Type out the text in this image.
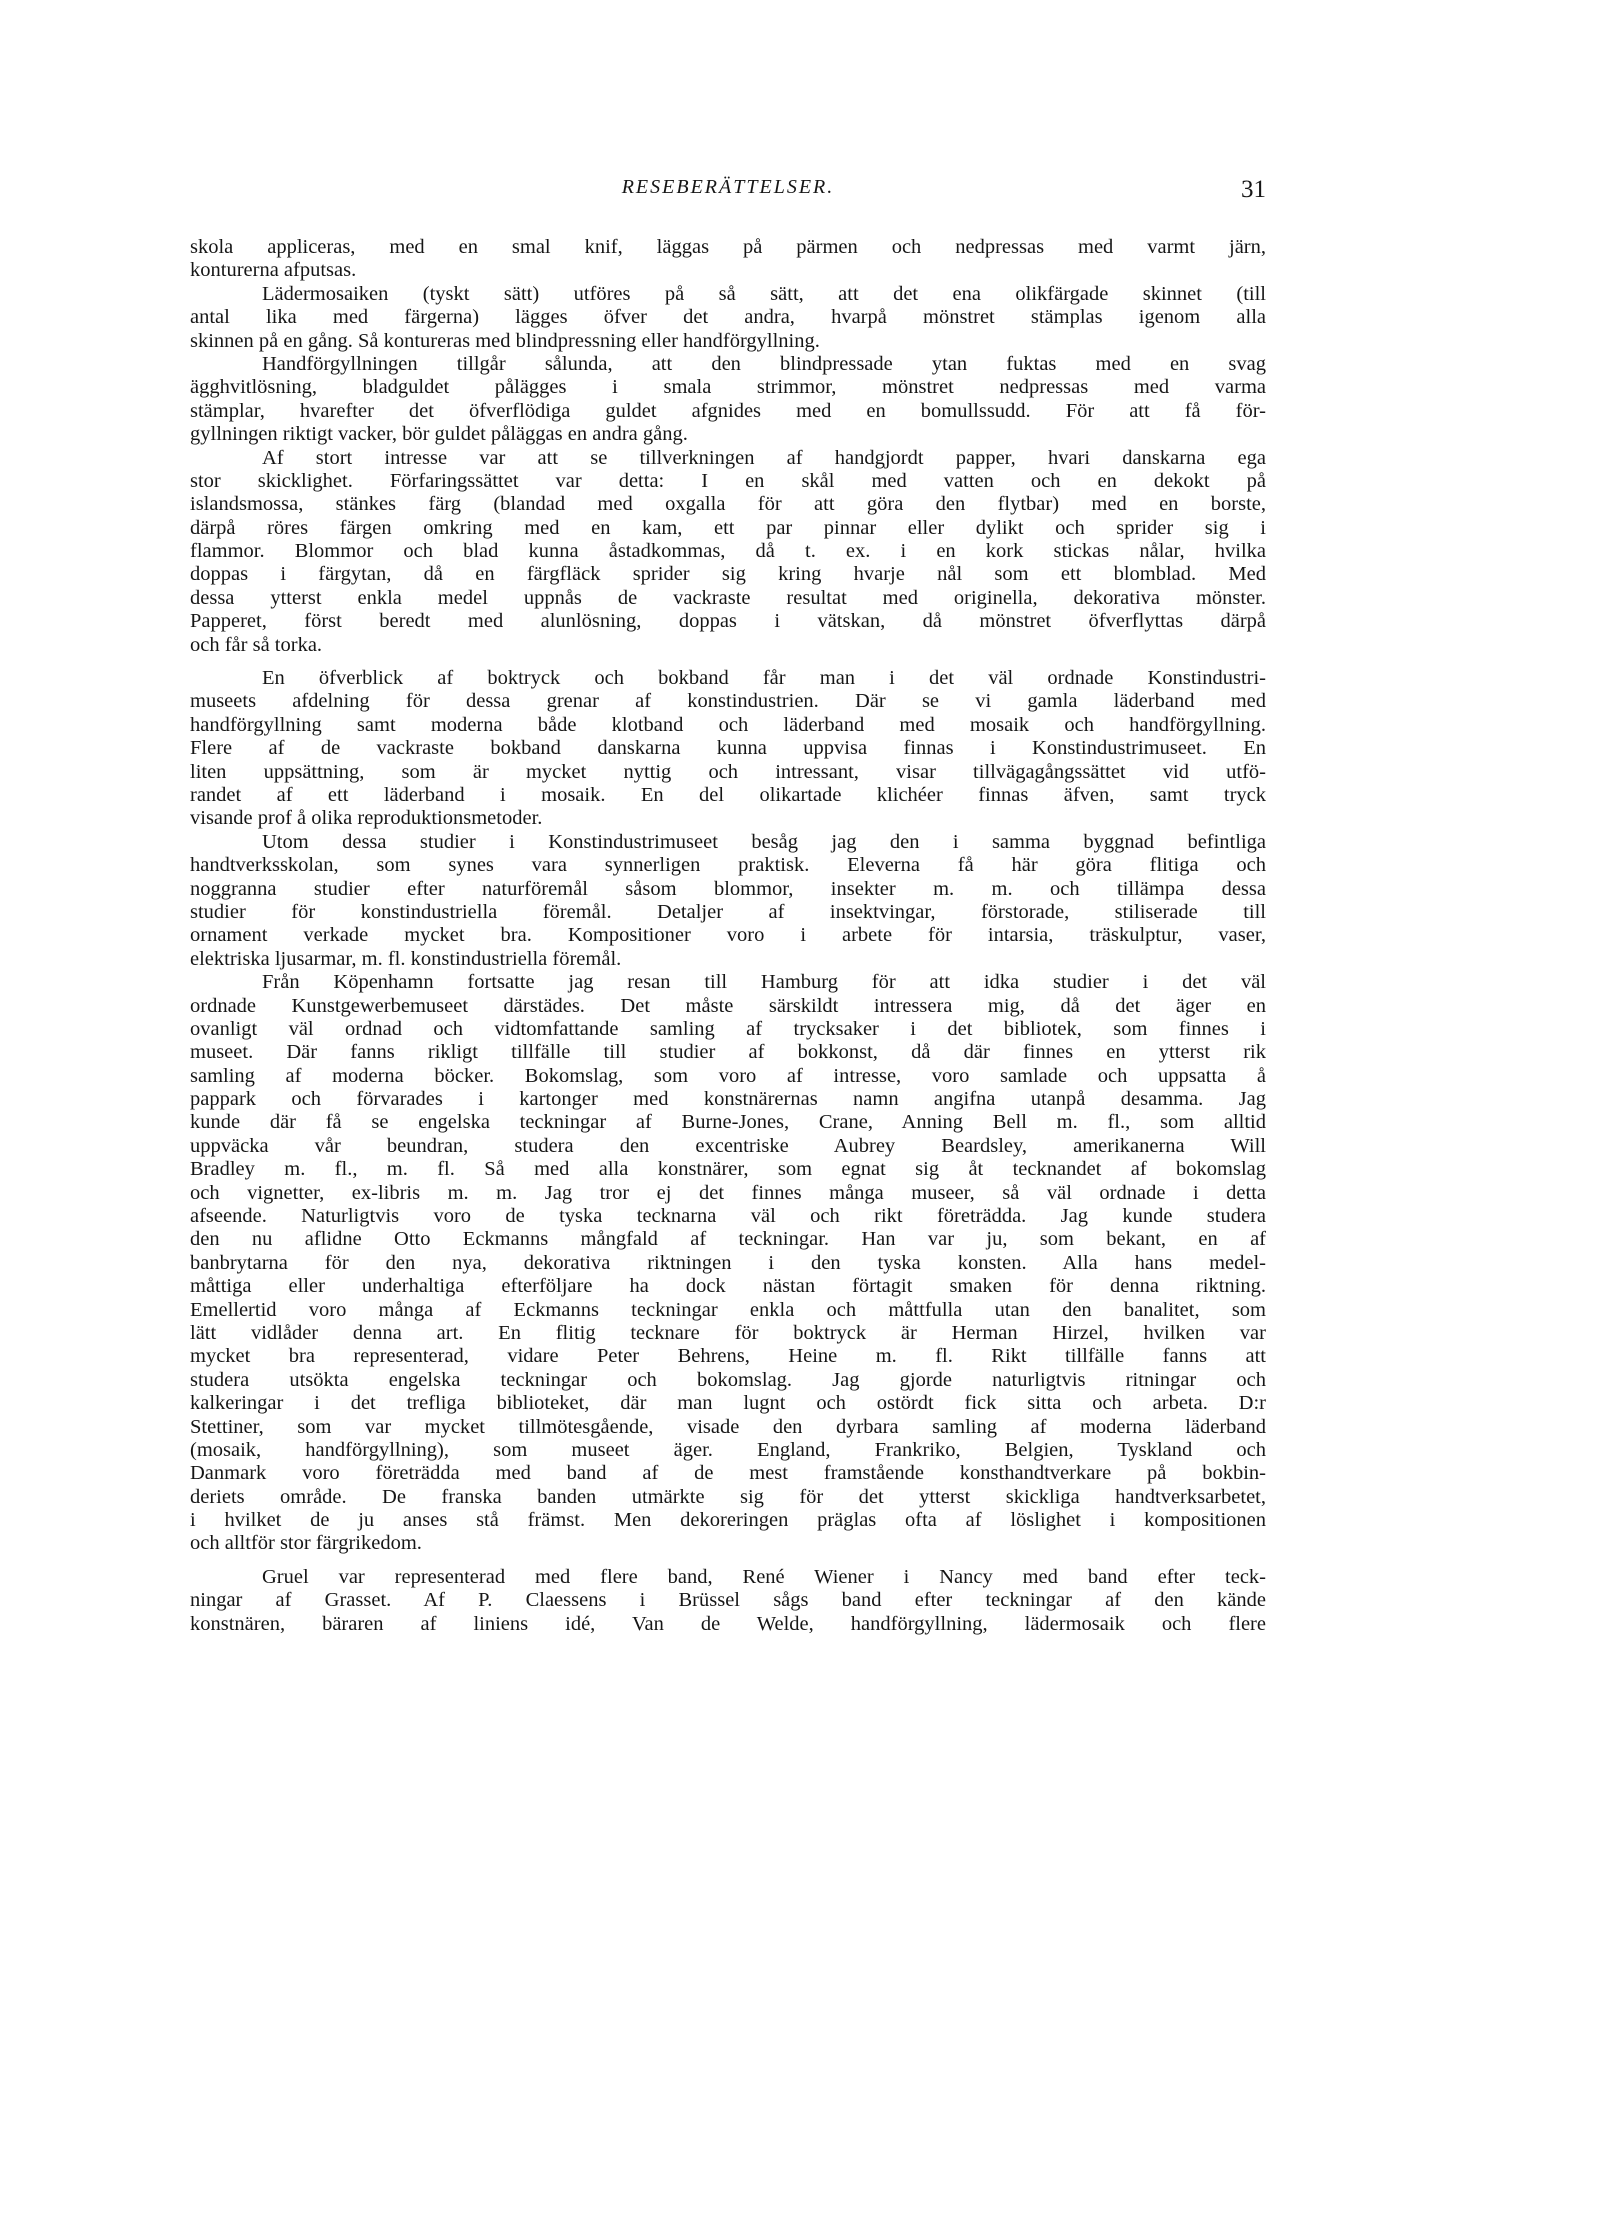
RESEBERÄTTELSER.	31
skola appliceras, med en smal knif, läggas på pärmen och nedpressas med varmt järn,
konturerna afputsas.
Lädermosaiken (tyskt sätt) utföres på så sätt, att det ena olikfärgade skinnet (till
antal lika med färgerna) lägges öfver det andra, hvarpå mönstret stämplas igenom alla
skinnen på en gång. Så kontureras med blindpressning eller handförgyllning.
Handförgyllningen tillgår sålunda, att den blindpressade ytan fuktas med en svag
ägghvitlösning, bladguldet pålägges i smala strimmor, mönstret nedpressas med varma
stämplar, hvarefter det öfverflödiga guldet afgnides med en bomullssudd. För att få för-
gyllningen riktigt vacker, bör guldet påläggas en andra gång.
Af stort intresse var att se tillverkningen af handgjordt papper, hvari danskarna ega
stor skicklighet. Förfaringssättet var detta: I en skål med vatten och en dekokt på
islandsmossa, stänkes färg (blandad med oxgalla för att göra den flytbar) med en borste,
därpå röres färgen omkring med en kam, ett par pinnar eller dylikt och sprider sig i
flammor. Blommor och blad kunna åstadkommas, då t. ex. i en kork stickas nålar, hvilka
doppas i färgytan, då en färgfläck sprider sig kring hvarje nål som ett blomblad. Med
dessa ytterst enkla medel uppnås de vackraste resultat med originella, dekorativa mönster.
Papperet, först beredt med alunlösning, doppas i vätskan, då mönstret öfverflyttas därpå
och får så torka.
En öfverblick af boktryck och bokband får man i det väl ordnade Konstindustri-
museets afdelning för dessa grenar af konstindustrien. Där se vi gamla läderband med
handförgyllning samt moderna både klotband och läderband med mosaik och handförgyllning.
Flere af de vackraste bokband danskarna kunna uppvisa finnas i Konstindustrimuseet. En
liten uppsättning, som är mycket nyttig och intressant, visar tillvägagångssättet vid utfö-
randet af ett läderband i mosaik. En del olikartade klichéer finnas äfven, samt tryck
visande prof å olika reproduktionsmetoder.
Utom dessa studier i Konstindustrimuseet besåg jag den i samma byggnad befintliga
handtverksskolan, som synes vara synnerligen praktisk. Eleverna få här göra flitiga och
noggranna studier efter naturföremål såsom blommor, insekter m. m. och tillämpa dessa
studier för konstindustriella föremål. Detaljer af insektvingar, förstorade, stiliserade till
ornament verkade mycket bra. Kompositioner voro i arbete för intarsia, träskulptur, vaser,
elektriska ljusarmar, m. fl. konstindustriella föremål.
Från Köpenhamn fortsatte jag resan till Hamburg för att idka studier i det väl
ordnade Kunstgewerbemuseet därstädes. Det måste särskildt intressera mig, då det äger en
ovanligt väl ordnad och vidtomfattande samling af trycksaker i det bibliotek, som finnes i
museet. Där fanns rikligt tillfälle till studier af bokkonst, då där finnes en ytterst rik
samling af moderna böcker. Bokomslag, som voro af intresse, voro samlade och uppsatta å
pappark och förvarades i kartonger med konstnärernas namn angifna utanpå desamma. Jag
kunde där få se engelska teckningar af Burne-Jones, Crane, Anning Bell m. fl., som alltid
uppväcka vår beundran, studera den excentriske Aubrey Beardsley, amerikanerna Will
Bradley m. fl., m. fl. Så med alla konstnärer, som egnat sig åt tecknandet af bokomslag
och vignetter, ex-libris m. m. Jag tror ej det finnes många museer, så väl ordnade i detta
afseende. Naturligtvis voro de tyska tecknarna väl och rikt företrädda. Jag kunde studera
den nu aflidne Otto Eckmanns mångfald af teckningar. Han var ju, som bekant, en af
banbrytarna för den nya, dekorativa riktningen i den tyska konsten. Alla hans medel-
måttiga eller underhaltiga efterföljare ha dock nästan förtagit smaken för denna riktning.
Emellertid voro många af Eckmanns teckningar enkla och måttfulla utan den banalitet, som
lätt vidlåder denna art. En flitig tecknare för boktryck är Herman Hirzel, hvilken var
mycket bra representerad, vidare Peter Behrens, Heine m. fl. Rikt tillfälle fanns att
studera utsökta engelska teckningar och bokomslag. Jag gjorde naturligtvis ritningar och
kalkeringar i det trefliga biblioteket, där man lugnt och ostördt fick sitta och arbeta. D:r
Stettiner, som var mycket tillmötesgående, visade den dyrbara samling af moderna läderband
(mosaik, handförgyllning), som museet äger. England, Frankriko, Belgien, Tyskland och
Danmark voro företrädda med band af de mest framstående konsthandtverkare på bokbin-
deriets område. De franska banden utmärkte sig för det ytterst skickliga handtverksarbetet,
i hvilket de ju anses stå främst. Men dekoreringen präglas ofta af löslighet i kompositionen
och alltför stor färgrikedom.
Gruel var representerad med flere band, René Wiener i Nancy med band efter teck-
ningar af Grasset. Af P. Claessens i Brüssel sågs band efter teckningar af den kände
konstnären, bäraren af liniens idé, Van de Welde, handförgyllning, lädermosaik och flere
